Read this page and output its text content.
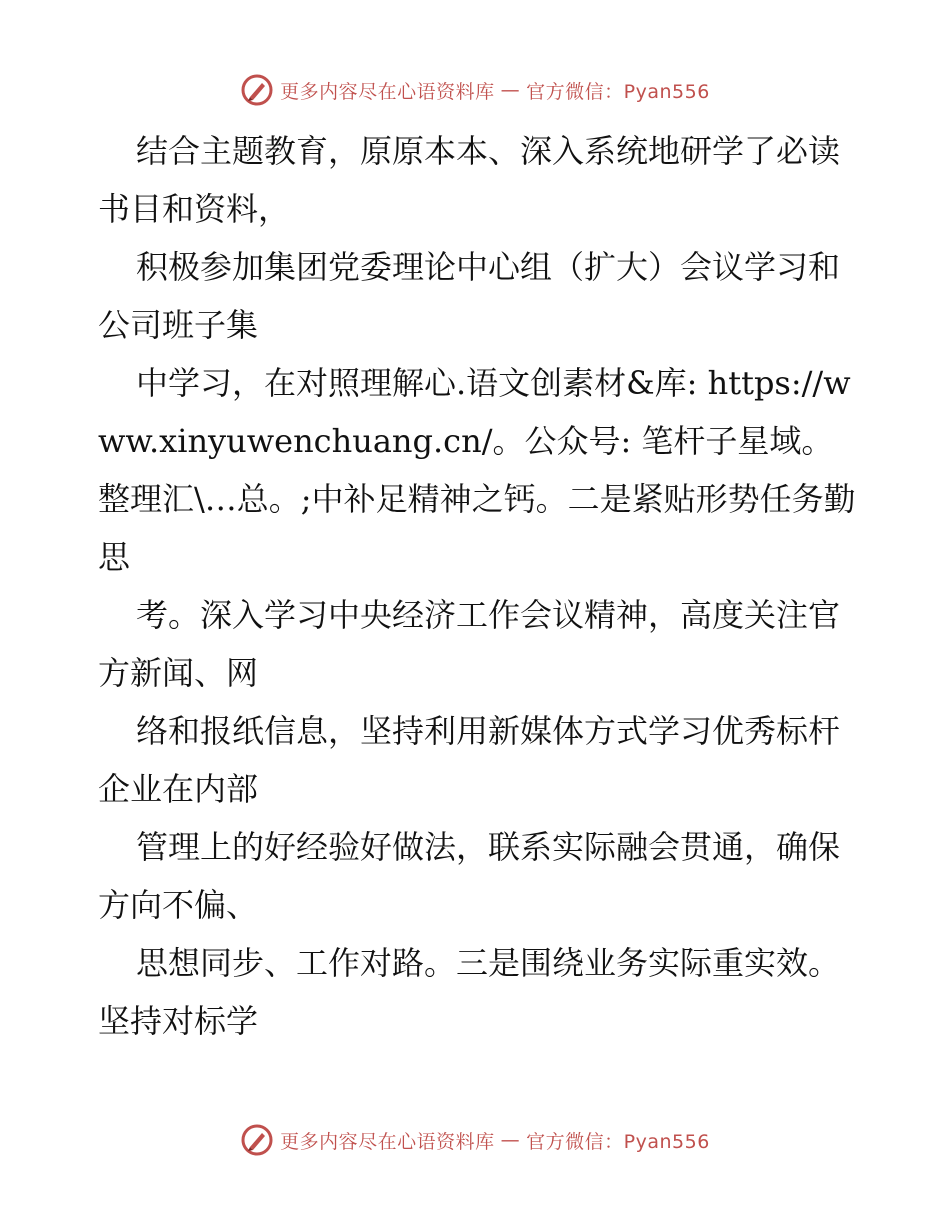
更多内容尽在心语资料库 — 官方微信：Pyan556

结合主题教育，原原本本、深入系统地研学了必读书目和资料，

积极参加集团党委理论中心组（扩大）会议学习和公司班子集

中学习，在对照理解心.语文创素材&库: https://www.xinyuwenchuang.cn/。公众号: 笔杆子星域。整理汇\…总。;中补足精神之钙。二是紧贴形势任务勤思

考。深入学习中央经济工作会议精神，高度关注官方新闻、网

络和报纸信息，坚持利用新媒体方式学习优秀标杆企业在内部

管理上的好经验好做法，联系实际融会贯通，确保方向不偏、

思想同步、工作对路。三是围绕业务实际重实效。坚持对标学

更多内容尽在心语资料库 — 官方微信：Pyan556
